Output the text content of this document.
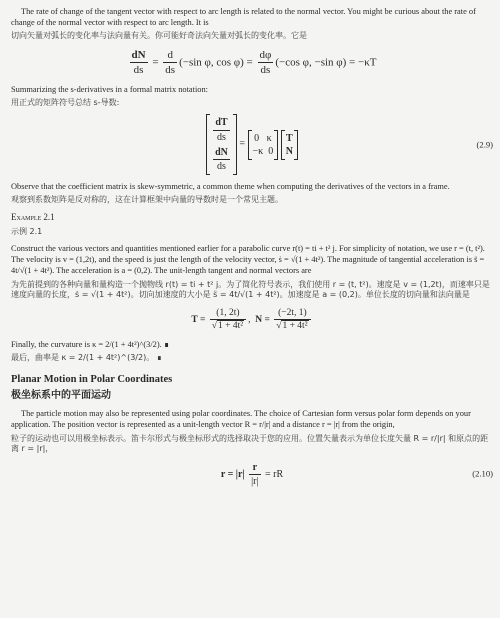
The rate of change of the tangent vector with respect to arc length is related to the normal vector. You might be curious about the rate of change of the normal vector with respect to arc length. It is

切向矢量对弧长的变化率与法向量有关。你可能好奇法向矢量对弧长的变化率。它是

$\frac{dN}{ds} = \frac{d}{ds} (-\sin$ φ, $\cos \varphi) = \frac{d\varphi}{ds} (-\cos$ φ, −sin φ) = −κT

Summarizing the s-derivatives in a formal matrix notation:

用正式的矩阵符号总结 s-导数:

dT
ds
dN
ds
=
0 κ
−κ 0

T
N
(2.9)

Observe that the coefficient matrix is skew-symmetric, a common theme when computing the derivatives of the vectors in a frame.

观察到系数矩阵是反对称的，这在计算框架中向量的导数时是一个常见主题。

Example 2.1

示例 2.1

Construct the various vectors and quantities mentioned earlier for a parabolic curve r(t) = ti + t² j. For simplicity of notation, we use r = (t, t²). The velocity is v = (1,2t), and the speed is just the length of the velocity vector, ṡ = √(1 + 4t²). The magnitude of tangential acceleration is s̈ = 4t/√(1 + 4t²). The acceleration is a = (0,2). The unit-length tangent and normal vectors are

为先前提到的各种向量和量构造一个抛物线 r(t) = ti + t² j。为了简化符号表示，我们使用 r = (t, t²)。速度是 v = (1,2t)，而速率只是速度向量的长度，ṡ = √(1 + 4t²)。切向加速度的大小是 s̈ = 4t/√(1 + 4t²)。加速度是 a = (0,2)。单位长度的切向量和法向量是

$T = \frac{(1, 2t)}{\text{√1 + 4t²}}$ ,  $N = \frac{(-2t, 1)}{\text{√1 + 4t²}}$

Finally, the curvature is κ = 2/(1 + 4t²)^(3/2). ∎

最后，曲率是 κ = 2/(1 + 4t²)^(3/2)。 ∎

Planar Motion in Polar Coordinates

极坐标系中的平面运动

The particle motion may also be represented using polar coordinates. The choice of Cartesian form versus polar form depends on your application. The position vector is represented as a unit-length vector R = r/|r| and a distance r = |r| from the origin,

粒子的运动也可以用极坐标表示。笛卡尔形式与极坐标形式的选择取决于您的应用。位置矢量表示为单位长度矢量 R = r/|r| 和原点的距离 r = |r|，

$r = |r| \frac{r}{|r|}$ = rR	(2.10)
